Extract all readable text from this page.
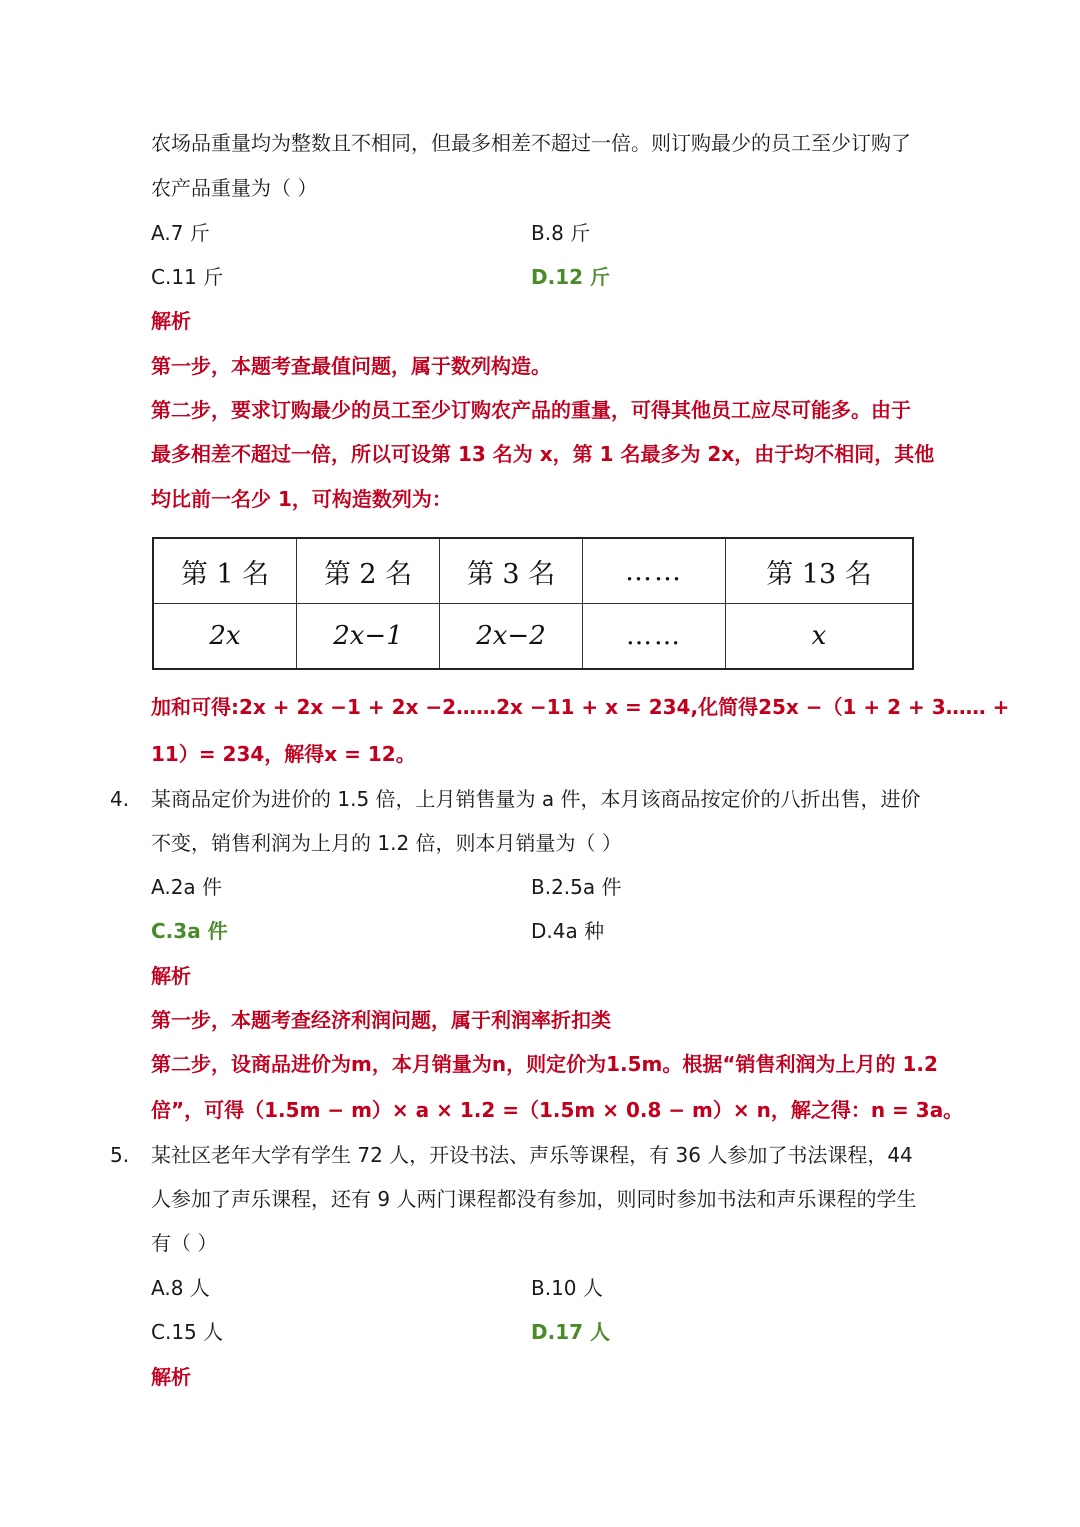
农场品重量均为整数且不相同，但最多相差不超过一倍。则订购最少的员工至少订购了
农产品重量为（ ）
A.7 斤	B.8 斤
C.11 斤	D.12 斤
解析
第一步，本题考查最值问题，属于数列构造。
第二步，要求订购最少的员工至少订购农产品的重量，可得其他员工应尽可能多。由于
最多相差不超过一倍，所以可设第 13 名为 x，第 1 名最多为 2x，由于均不相同，其他
均比前一名少 1，可构造数列为：
第 1 名	第 2 名	第 3 名	……	第 13 名
2x	2x−1	2x−2	……	x
加和可得:2x + 2x −1 + 2x −2……2x −11 + x = 234,化简得25x −（1 + 2 + 3…… +
11）= 234，解得x = 12。
4. 某商品定价为进价的 1.5 倍，上月销售量为 a 件，本月该商品按定价的八折出售，进价
不变，销售利润为上月的 1.2 倍，则本月销量为（ ）
A.2a 件	B.2.5a 件
C.3a 件	D.4a 种
解析
第一步，本题考查经济利润问题，属于利润率折扣类
第二步，设商品进价为m，本月销量为n，则定价为1.5m。根据“销售利润为上月的 1.2
倍”，可得（1.5m − m）× a × 1.2 =（1.5m × 0.8 − m）× n，解之得：n = 3a。
5. 某社区老年大学有学生 72 人，开设书法、声乐等课程，有 36 人参加了书法课程，44
人参加了声乐课程，还有 9 人两门课程都没有参加，则同时参加书法和声乐课程的学生
有（ ）
A.8 人	B.10 人
C.15 人	D.17 人
解析
